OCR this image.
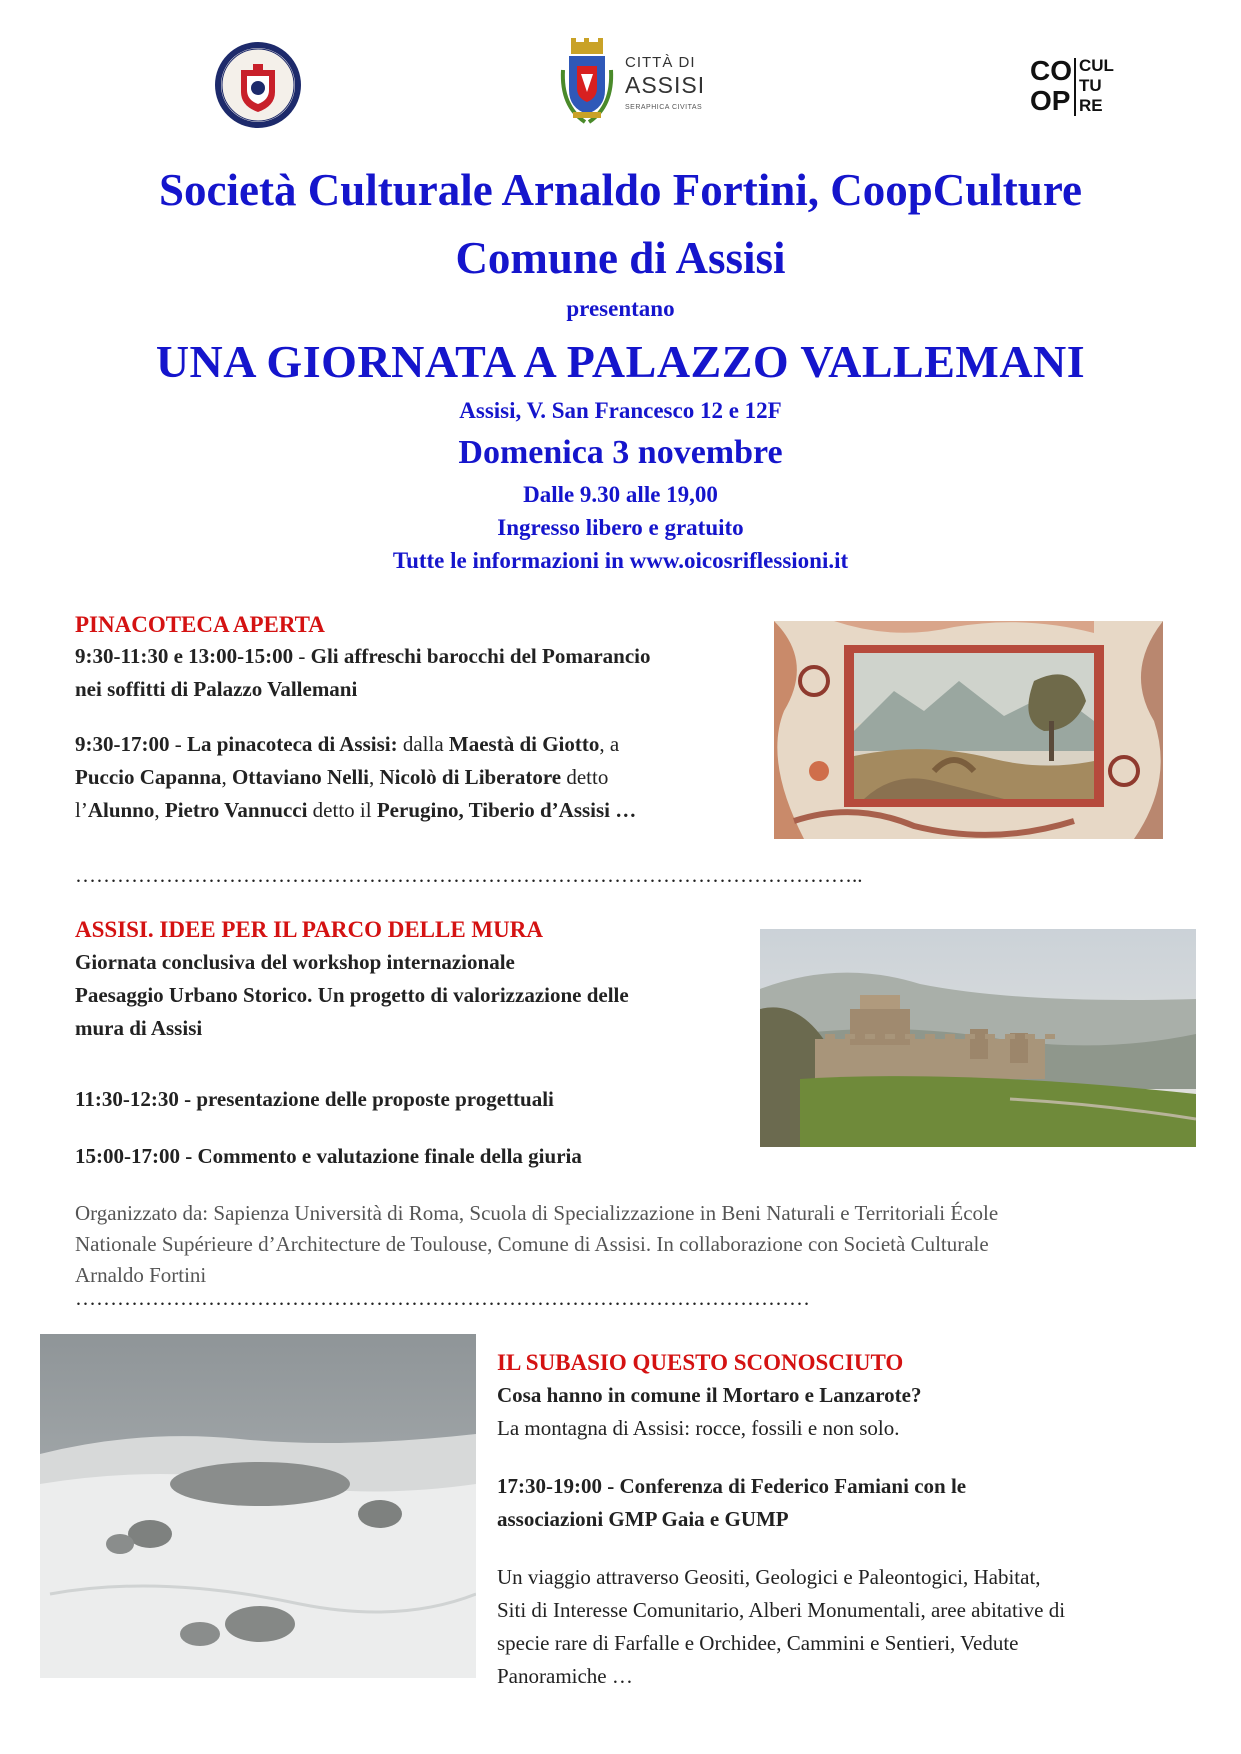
CITTÀ DI
ASSISI
SERAPHICA CIVITAS
CO
OP
CUL
TU
RE
Società Culturale Arnaldo Fortini, CoopCulture
Comune di Assisi
presentano
UNA GIORNATA A PALAZZO VALLEMANI
Assisi, V. San Francesco 12 e 12F
Domenica 3 novembre
Dalle 9.30 alle 19,00
Ingresso libero e gratuito
Tutte le informazioni in www.oicosriflessioni.it
PINACOTECA APERTA
9:30-11:30 e 13:00-15:00 - Gli affreschi barocchi del Pomarancio
nei soffitti di Palazzo Vallemani
9:30-17:00 - La pinacoteca di Assisi: dalla Maestà di Giotto, a
Puccio Capanna, Ottaviano Nelli, Nicolò di Liberatore detto
l’Alunno, Pietro Vannucci detto il Perugino, Tiberio d’Assisi …
…………………………………………………………………………………………………..
ASSISI. IDEE PER IL PARCO DELLE MURA
Giornata conclusiva del workshop internazionale
Paesaggio Urbano Storico. Un progetto di valorizzazione delle
mura di Assisi
11:30-12:30 - presentazione delle proposte progettuali
15:00-17:00 - Commento e valutazione finale della giuria
Organizzato da: Sapienza Università di Roma, Scuola di Specializzazione in Beni Naturali e Territoriali École
Nationale Supérieure d’Architecture de Toulouse, Comune di Assisi. In collaborazione con Società Culturale
Arnaldo Fortini
……………………………………………………………………………………………
IL SUBASIO QUESTO SCONOSCIUTO
Cosa hanno in comune il Mortaro e Lanzarote?
La montagna di Assisi: rocce, fossili e non solo.
17:30-19:00 - Conferenza di Federico Famiani con le
associazioni GMP Gaia e GUMP
Un viaggio attraverso Geositi, Geologici e Paleontogici, Habitat,
Siti di Interesse Comunitario, Alberi Monumentali, aree abitative di
specie rare di Farfalle e Orchidee, Cammini e Sentieri, Vedute
Panoramiche …
